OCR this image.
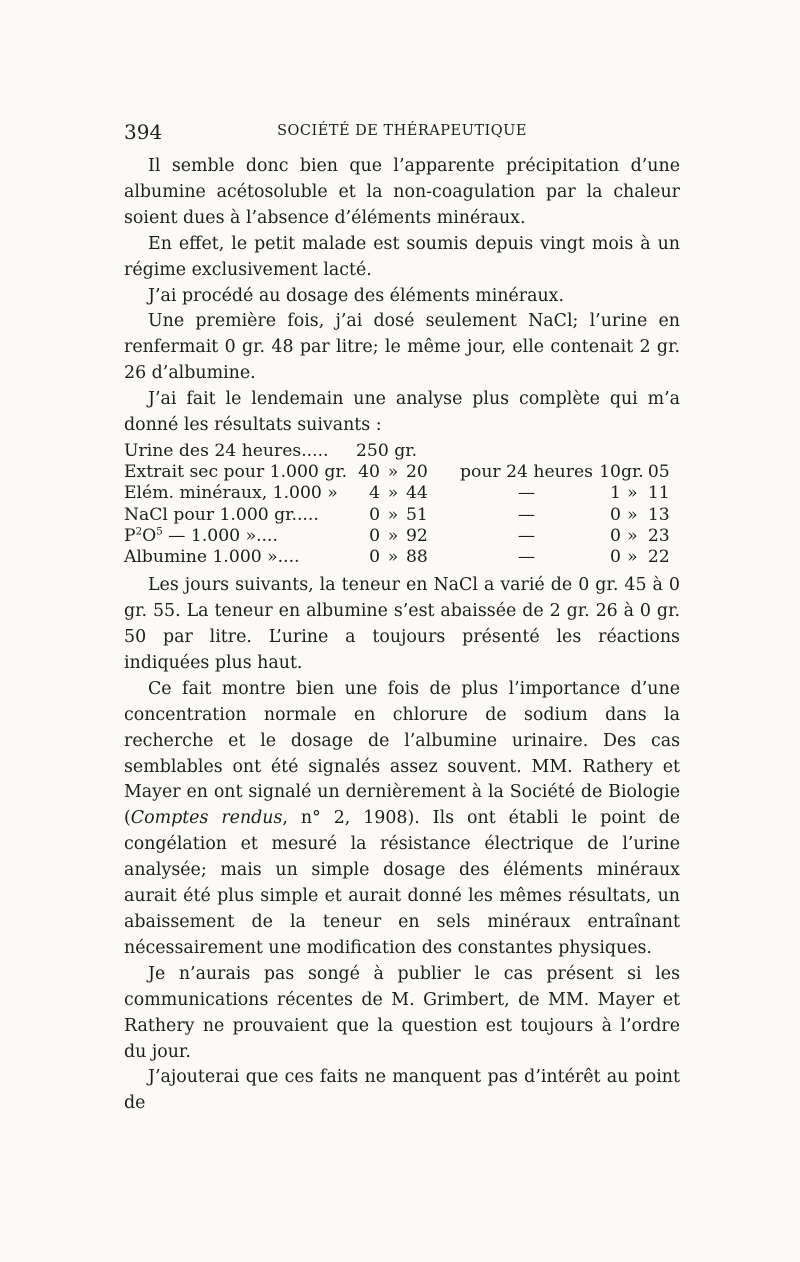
394	SOCIÉTÉ DE THÉRAPEUTIQUE

Il semble donc bien que l’apparente précipitation d’une albumine acétosoluble et la non-coagulation par la chaleur soient dues à l’absence d’éléments minéraux.

En effet, le petit malade est soumis depuis vingt mois à un régime exclusivement lacté.

J’ai procédé au dosage des éléments minéraux.

Une première fois, j’ai dosé seulement NaCl; l’urine en renfermait 0 gr. 48 par litre; le même jour, elle contenait 2 gr. 26 d’albumine.

J’ai fait le lendemain une analyse plus complète qui m’a donné les résultats suivants :

Urine des 24 heures.....	250 gr.						
Extrait sec pour 1.000 gr.	40	»	20	pour 24 heures	10	gr.	05
Elém. minéraux, 1.000 »	4	»	44	—	1	»	11
NaCl pour 1.000 gr.....	0	»	51	—	0	»	13
$P^2O^5$ — 1.000 »....	0	»	92	—	0	»	23
Albumine 1.000 »....	0	»	88	—	0	»	22

Les jours suivants, la teneur en NaCl a varié de 0 gr. 45 à 0 gr. 55. La teneur en albumine s’est abaissée de 2 gr. 26 à 0 gr. 50 par litre. L’urine a toujours présenté les réactions indiquées plus haut.

Ce fait montre bien une fois de plus l’importance d’une concentration normale en chlorure de sodium dans la recherche et le dosage de l’albumine urinaire. Des cas semblables ont été signalés assez souvent. MM. Rathery et Mayer en ont signalé un dernièrement à la Société de Biologie (Comptes rendus, n° 2, 1908). Ils ont établi le point de congélation et mesuré la résistance électrique de l’urine analysée; mais un simple dosage des éléments minéraux aurait été plus simple et aurait donné les mêmes résultats, un abaissement de la teneur en sels minéraux entraînant nécessairement une modification des constantes physiques.

Je n’aurais pas songé à publier le cas présent si les communications récentes de M. Grimbert, de MM. Mayer et Rathery ne prouvaient que la question est toujours à l’ordre du jour.

J’ajouterai que ces faits ne manquent pas d’intérêt au point de
